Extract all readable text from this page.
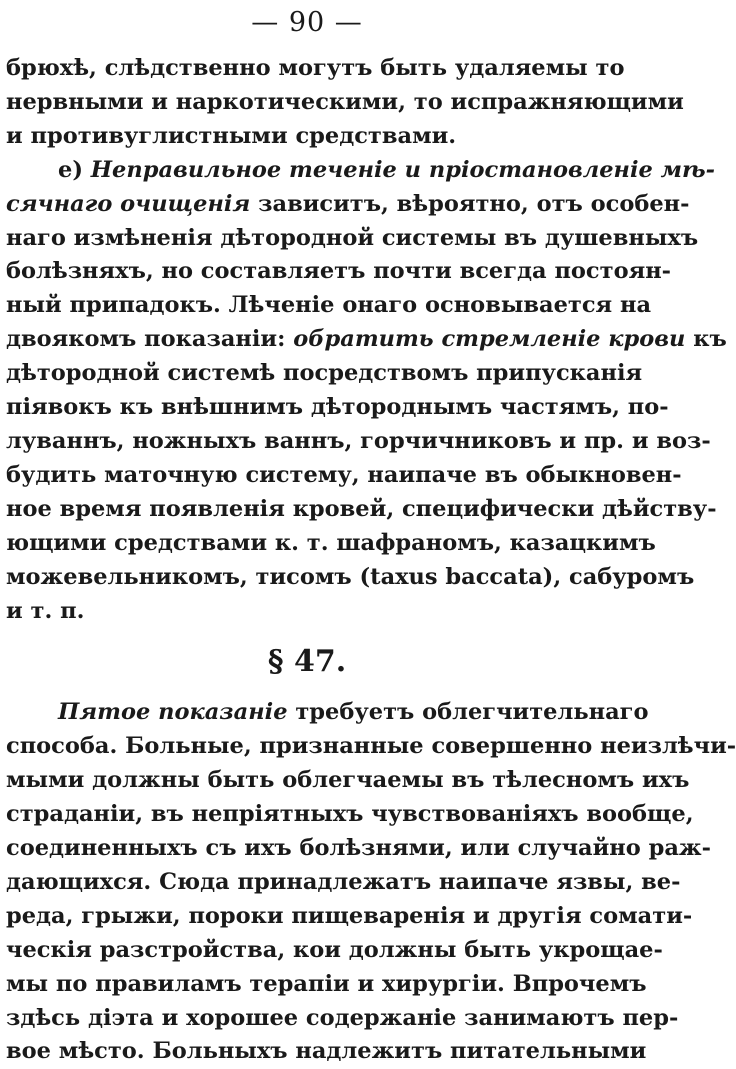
— 90 —
брюхѣ, слѣдственно могутъ быть удаляемы то
нервными и наркотическими, то испражняющими
и противуглистными средствами.
e) Неправильное теченіе и пріостановленіе мѣ-
сячнаго очищенія зависитъ, вѣроятно, отъ особен-
наго измѣненія дѣтородной системы въ душевныхъ
болѣзняхъ, но составляетъ почти всегда постоян-
ный припадокъ. Лѣченіе онаго основывается на
двоякомъ показаніи: обратить стремленіе крови къ
дѣтородной системѣ посредствомъ припусканія
піявокъ къ внѣшнимъ дѣтороднымъ частямъ, по-
луваннъ, ножныхъ ваннъ, горчичниковъ и пр. и воз-
будить маточную систему, наипаче въ обыкновен-
ное время появленія кровей, специфически дѣйству-
ющими средствами к. т. шафраномъ, казацкимъ
можевельникомъ, тисомъ (taxus baccata), сабуромъ
и т. п.
§ 47.
Пятое показаніе требуетъ облегчительнаго
способа. Больные, признанные совершенно неизлѣчи-
мыми должны быть облегчаемы въ тѣлесномъ ихъ
страданіи, въ непріятныхъ чувствованіяхъ вообще,
соединенныхъ съ ихъ болѣзнями, или случайно раж-
дающихся. Сюда принадлежатъ наипаче язвы, ве-
реда, грыжи, пороки пищеваренія и другія сомати-
ческія разстройства, кои должны быть укрощае-
мы по правиламъ терапіи и хирургіи. Впрочемъ
здѣсь діэта и хорошее содержаніе занимаютъ пер-
вое мѣсто. Больныхъ надлежитъ питательными
